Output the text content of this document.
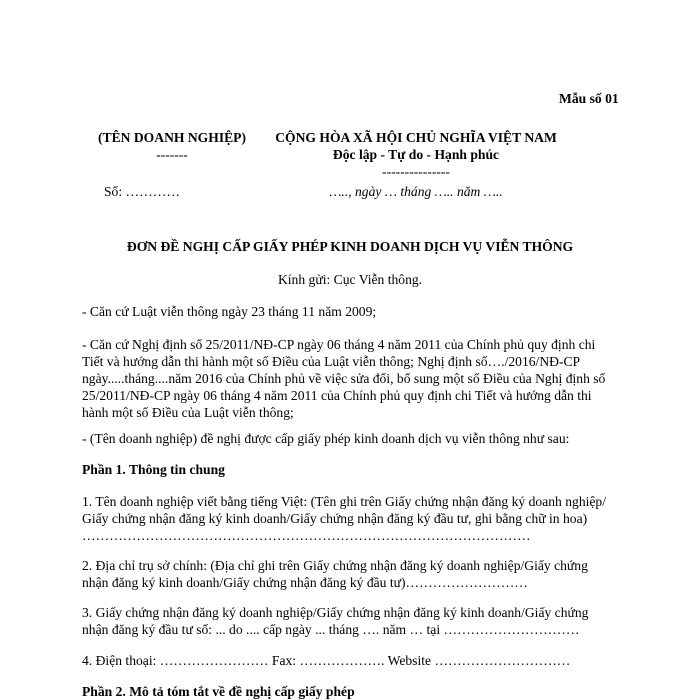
Mẫu số 01
(TÊN DOANH NGHIỆP)
-------
CỘNG HÒA XÃ HỘI CHỦ NGHĨA VIỆT NAM
Độc lập - Tự do - Hạnh phúc
---------------
Số: …………	….., ngày … tháng ….. năm …..
ĐƠN ĐỀ NGHỊ CẤP GIẤY PHÉP KINH DOANH DỊCH VỤ VIỄN THÔNG
Kính gửi: Cục Viễn thông.
- Căn cứ Luật viễn thông ngày 23 tháng 11 năm 2009;
- Căn cứ Nghị định số 25/2011/NĐ-CP ngày 06 tháng 4 năm 2011 của Chính phủ quy định chi
Tiết và hướng dẫn thi hành một số Điều của Luật viễn thông; Nghị định số…./2016/NĐ-CP
ngày.....tháng....năm 2016 của Chính phủ về việc sửa đổi, bổ sung một số Điều của Nghị định số
25/2011/NĐ-CP ngày 06 tháng 4 năm 2011 của Chính phủ quy định chi Tiết và hướng dẫn thi
hành một số Điều của Luật viễn thông;
- (Tên doanh nghiệp) đề nghị được cấp giấy phép kinh doanh dịch vụ viễn thông như sau:
Phần 1. Thông tin chung
1. Tên doanh nghiệp viết bằng tiếng Việt: (Tên ghi trên Giấy chứng nhận đăng ký doanh nghiệp/
Giấy chứng nhận đăng ký kinh doanh/Giấy chứng nhận đăng ký đầu tư, ghi bằng chữ in hoa)
………………………………………………………………………………………
2. Địa chỉ trụ sở chính: (Địa chỉ ghi trên Giấy chứng nhận đăng ký doanh nghiệp/Giấy chứng
nhận đăng ký kinh doanh/Giấy chứng nhận đăng ký đầu tư)………………………
3. Giấy chứng nhận đăng ký doanh nghiệp/Giấy chứng nhận đăng ký kinh doanh/Giấy chứng
nhận đăng ký đầu tư số: ... do .... cấp ngày ... tháng …. năm … tại …………………………
4. Điện thoại: …………………… Fax: ………………. Website …………………………
Phần 2. Mô tả tóm tắt về đề nghị cấp giấy phép
